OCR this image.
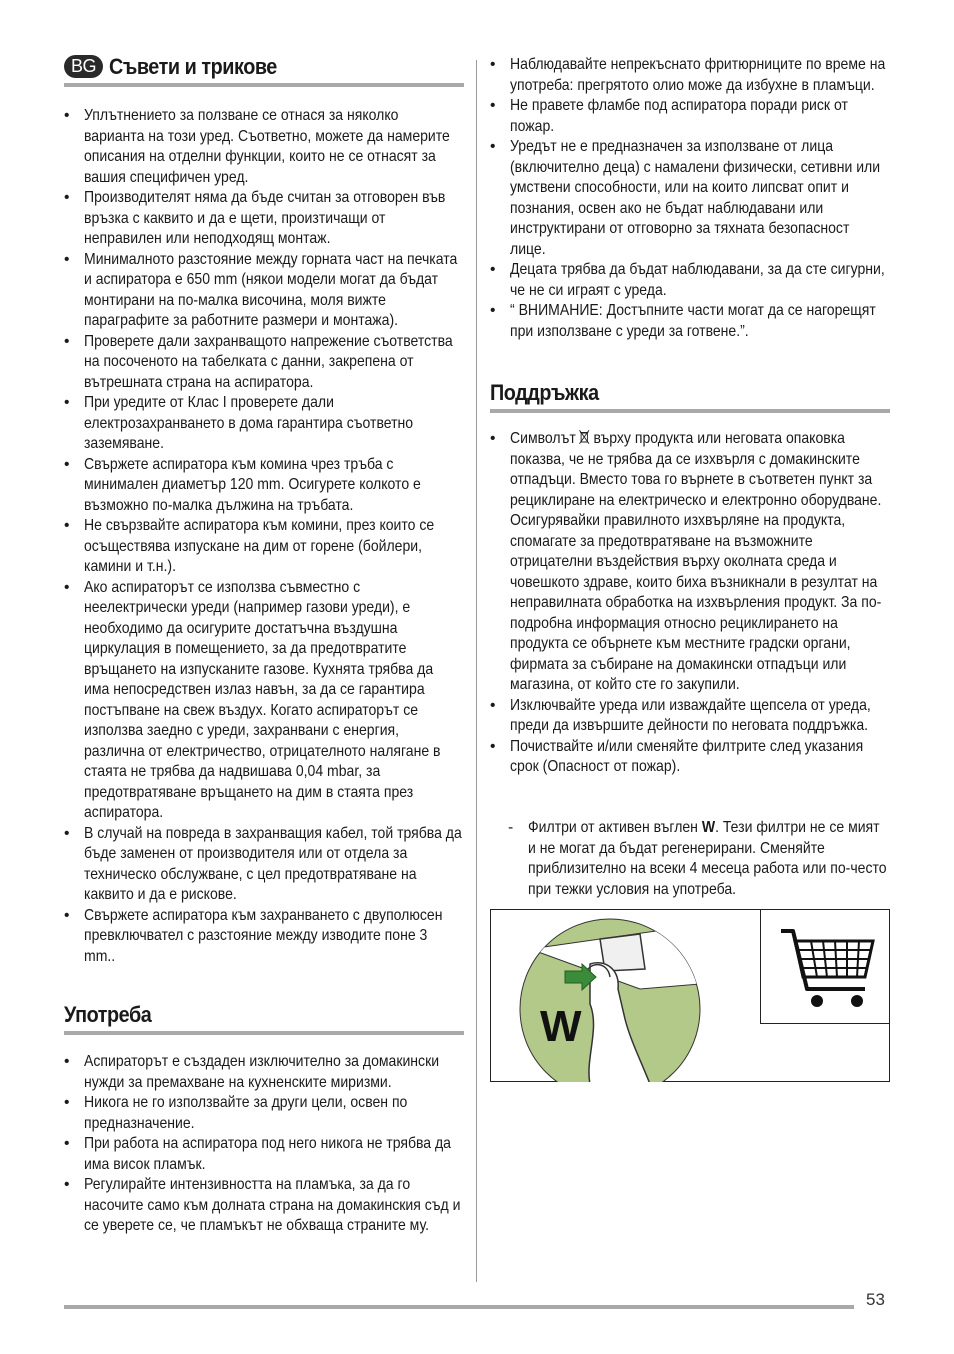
BG Съвети и трикове
• Уплътнението за ползване се отнася за няколко варианта на този уред. Съответно, можете да намерите описания на отделни функции, които не се отнасят за вашия специфичен уред.
• Производителят няма да бъде считан за отговорен във връзка с каквито и да е щети, произтичащи от неправилен или неподходящ монтаж.
• Минималното разстояние между горната част на печката и аспиратора е 650 mm (някои модели могат да бъдат монтирани на по-малка височина, моля вижте параграфите за работните размери и монтажа).
• Проверете дали захранващото напрежение съответства на посоченото на табелката с данни, закрепена от вътрешната страна на аспиратора.
• При уредите от Клас I проверете дали електрозахранването в дома гарантира съответно заземяване.
• Свържете аспиратора към комина чрез тръба с минимален диаметър 120 mm. Осигурете колкото е възможно по-малка дължина на тръбата.
• Не свързвайте аспиратора към комини, през които се осъществява изпускане на дим от горене (бойлери, камини и т.н.).
• Ако аспираторът се използва съвместно с неелектрически уреди (например газови уреди), е необходимо да осигурите достатъчна въздушна циркулация в помещението, за да предотвратите връщането на изпусканите газове. Кухнята трябва да има непосредствен излаз навън, за да се гарантира постъпване на свеж въздух. Когато аспираторът се използва заедно с уреди, захранвани с енергия, различна от електричество, отрицателното налягане в стаята не трябва да надвишава 0,04 mbar, за предотвратяване връщането на дим в стаята през аспиратора.
• В случай на повреда в захранващия кабел, той трябва да бъде заменен от производителя или от отдела за техническо обслужване, с цел предотвратяване на каквито и да е рискове.
• Свържете аспиратора към захранването с двуполюсен превключвател с разстояние между изводите поне 3 mm..
Употреба
• Аспираторът е създаден изключително за домакински нужди за премахване на кухненските миризми.
• Никога не го използвайте за други цели, освен по предназначение.
• При работа на аспиратора под него никога не трябва да има висок пламък.
• Регулирайте интензивността на пламъка, за да го насочите само към долната страна на домакинския съд и се уверете се, че пламъкът не обхваща страните му.
• Наблюдавайте непрекъснато фритюрниците по време на употреба: прегрятото олио може да избухне в пламъци.
• Не правете фламбе под аспиратора поради риск от пожар.
• Уредът не е предназначен за използване от лица (включително деца) с намалени физически, сетивни или умствени способности, или на които липсват опит и познания, освен ако не бъдат наблюдавани или инструктирани от отговорно за тяхната безопасност лице.
• Децата трябва да бъдат наблюдавани, за да сте сигурни, че не си играят с уреда.
• “ ВНИМАНИЕ: Достъпните части могат да се нагорещят при използване с уреди за готвене.”.
Поддръжка
• Символът  върху продукта или неговата опаковка показва, че не трябва да се изхвърля с домакинските отпадъци. Вместо това го върнете в съответен пункт за рециклиране на електрическо и електронно оборудване. Осигурявайки правилното изхвърляне на продукта, спомагате за предотвратяване на възможните отрицателни въздействия върху околната среда и човешкото здраве, които биха възникнали в резултат на неправилната обработка на изхвърления продукт. За по-подробна информация относно рециклирането на продукта се обърнете към местните градски органи, фирмата за събиране на домакински отпадъци или магазина, от който сте го закупили.
• Изключвайте уреда или изваждайте щепсела от уреда, преди да извършите дейности по неговата поддръжка.
• Почиствайте и/или сменяйте филтрите след указания срок (Опасност от пожар).
- Филтри от активен въглен W. Тези филтри не се мият и не могат да бъдат регенерирани. Сменяйте приблизително на всеки 4 месеца работа или по-често при тежки условия на употреба.
W
53
